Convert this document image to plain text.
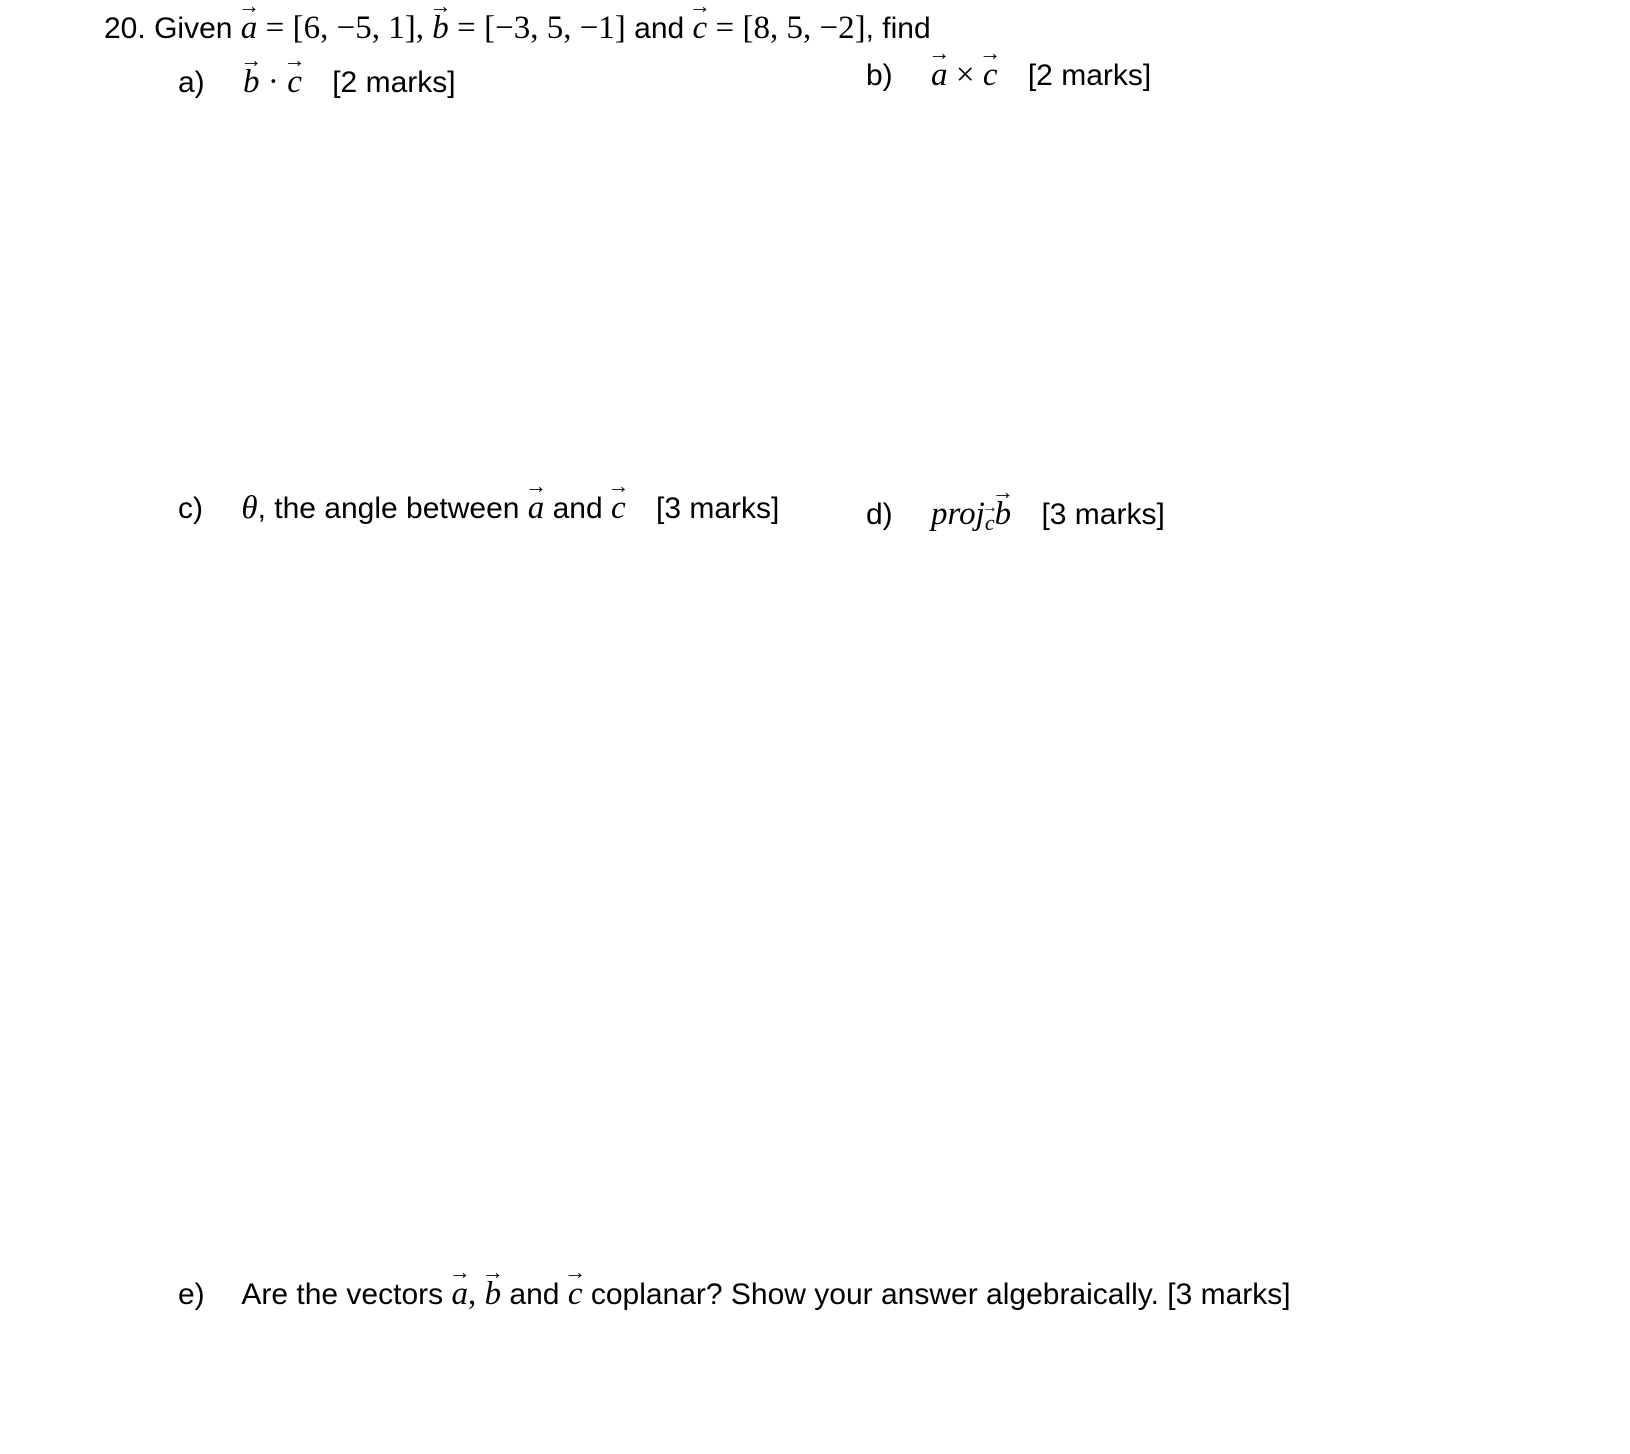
20. Given a
→
= [6, −5, 1], b
→
= [−3, 5, −1] and c
→
= [8, 5, −2], find
a) b
→
· c
→
[2 marks]	b) a
→
× c
→
[2 marks]
c) θ, the angle between a
→
and c
→
[3 marks]	d) projc
→
b
→
[3 marks]
e) Are the vectors a
→
, b
→
and c
→
coplanar? Show your answer algebraically. [3 marks]
